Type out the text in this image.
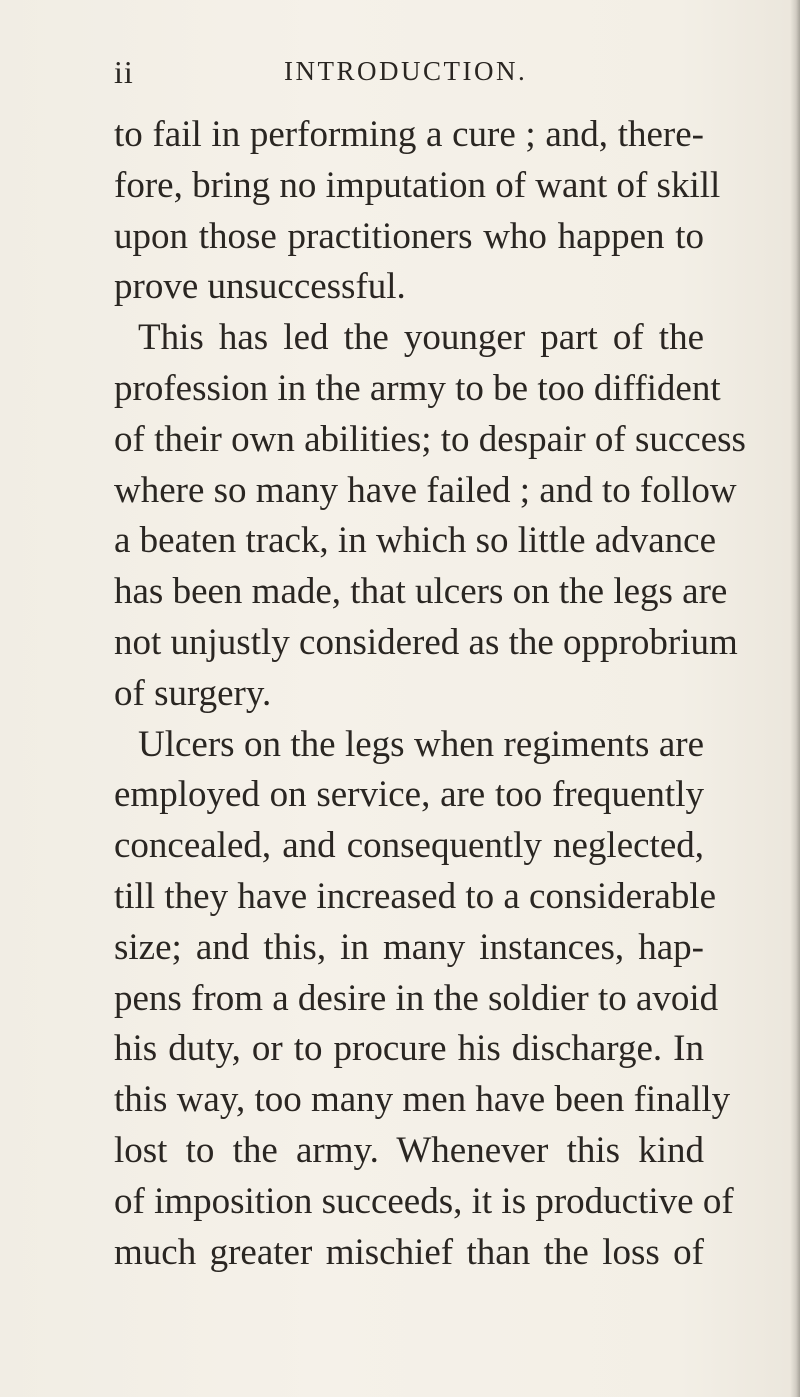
ii	INTRODUCTION.
to fail in performing a cure ; and, there-
fore, bring no imputation of want of skill
upon those practitioners who happen to
prove unsuccessful.
This has led the younger part of the
profession in the army to be too diffident
of their own abilities; to despair of success
where so many have failed ; and to follow
a beaten track, in which so little advance
has been made, that ulcers on the legs are
not unjustly considered as the opprobrium
of surgery.
Ulcers on the legs when regiments are
employed on service, are too frequently
concealed, and consequently neglected,
till they have increased to a considerable
size; and this, in many instances, hap-
pens from a desire in the soldier to avoid
his duty, or to procure his discharge. In
this way, too many men have been finally
lost to the army. Whenever this kind
of imposition succeeds, it is productive of
much greater mischief than the loss of
